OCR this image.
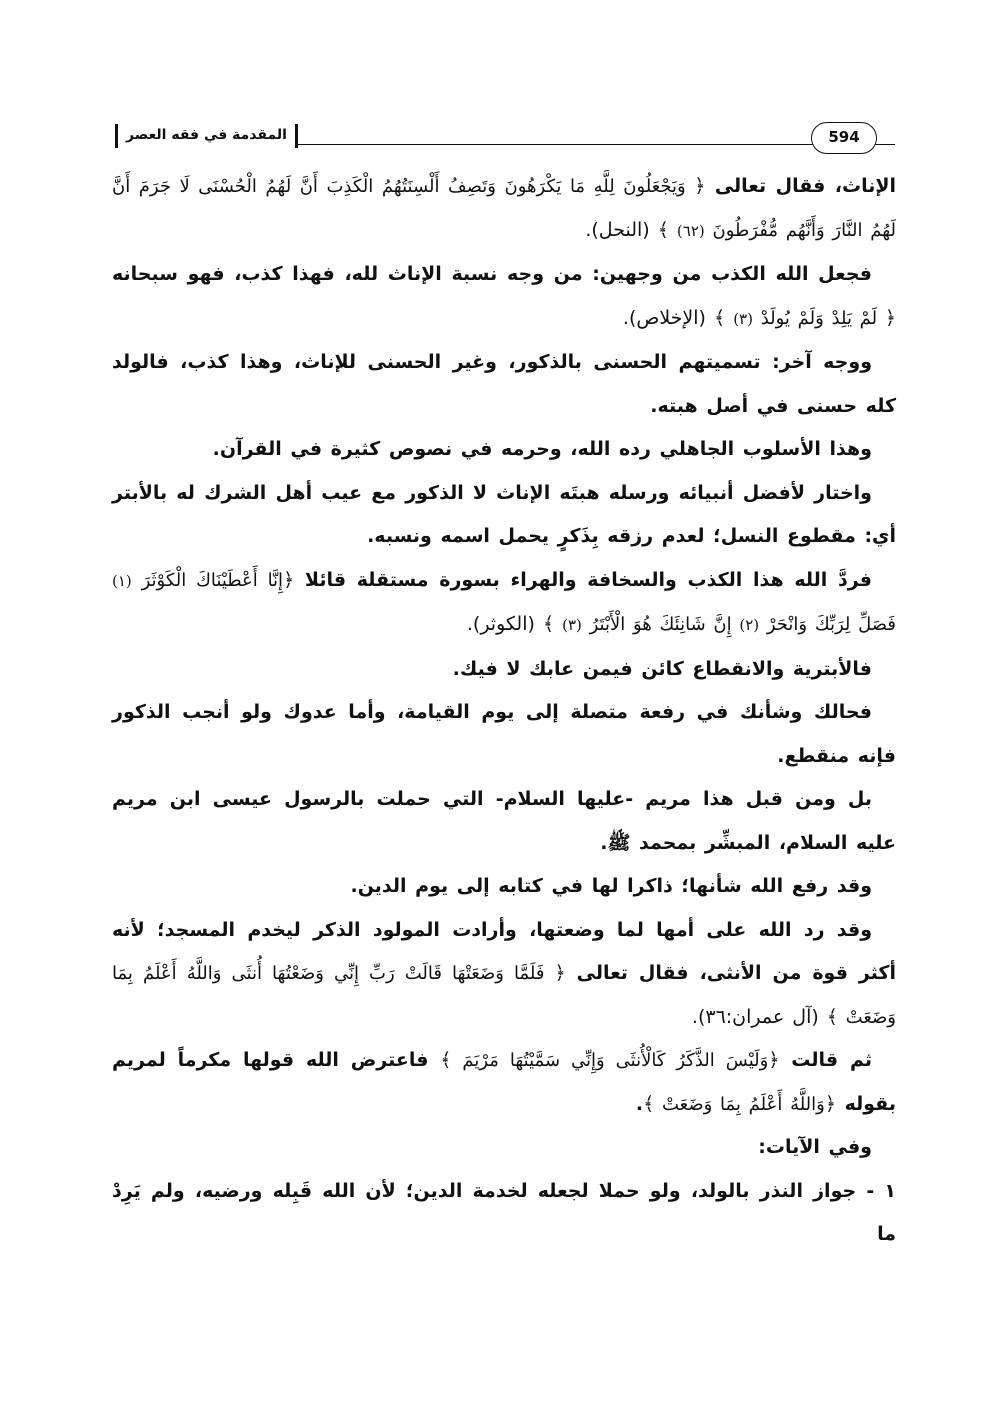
المقدمة في فقه العصر	594

الإناث، فقال تعالى ﴿ وَيَجْعَلُونَ لِلَّهِ مَا يَكْرَهُونَ وَتَصِفُ أَلْسِنَتُهُمُ الْكَذِبَ أَنَّ لَهُمُ الْحُسْنَى لَا جَرَمَ أَنَّ لَهُمُ النَّارَ وَأَنَّهُم مُّفْرَطُونَ (٦٢) ﴾ (النحل).

فجعل الله الكذب من وجهين: من وجه نسبة الإناث لله، فهذا كذب، فهو سبحانه ﴿ لَمْ يَلِدْ وَلَمْ يُولَدْ (٣) ﴾ (الإخلاص).

ووجه آخر: تسميتهم الحسنى بالذكور، وغير الحسنى للإناث، وهذا كذب، فالولد كله حسنى في أصل هبته.

وهذا الأسلوب الجاهلي رده الله، وحرمه في نصوص كثيرة في القرآن.

واختار لأفضل أنبيائه ورسله هبتَه الإناث لا الذكور مع عيب أهل الشرك له بالأبتر أي: مقطوع النسل؛ لعدم رزقه بِذَكرٍ يحمل اسمه ونسبه.

فردَّ الله هذا الكذب والسخافة والهراء بسورة مستقلة قائلا ﴿إِنَّا أَعْطَيْنَاكَ الْكَوْثَرَ (١) فَصَلِّ لِرَبِّكَ وَانْحَرْ (٢) إِنَّ شَانِئَكَ هُوَ الْأَبْتَرُ (٣) ﴾ (الكوثر).

فالأبترية والانقطاع كائن فيمن عابك لا فيك.

فحالك وشأنك في رفعة متصلة إلى يوم القيامة، وأما عدوك ولو أنجب الذكور فإنه منقطع.

بل ومن قبل هذا مريم -عليها السلام- التي حملت بالرسول عيسى ابن مريم عليه السلام، المبشِّر بمحمد ﷺ.

وقد رفع الله شأنها؛ ذاكرا لها في كتابه إلى يوم الدين.

وقد رد الله على أمها لما وضعتها، وأرادت المولود الذكر ليخدم المسجد؛ لأنه أكثر قوة من الأنثى، فقال تعالى ﴿ فَلَمَّا وَضَعَتْهَا قَالَتْ رَبِّ إِنِّي وَضَعْتُهَا أُنثَى وَاللَّهُ أَعْلَمُ بِمَا وَضَعَتْ ﴾ (آل عمران:٣٦).

ثم قالت ﴿وَلَيْسَ الذَّكَرُ كَالْأُنثَى وَإِنِّي سَمَّيْتُهَا مَرْيَمَ ﴾ فاعترض الله قولها مكرماً لمريم بقوله ﴿وَاللَّهُ أَعْلَمُ بِمَا وَضَعَتْ ﴾.

وفي الآيات:

١ - جواز النذر بالولد، ولو حملا لجعله لخدمة الدين؛ لأن الله قَبِله ورضيه، ولم يَرِدْ ما
